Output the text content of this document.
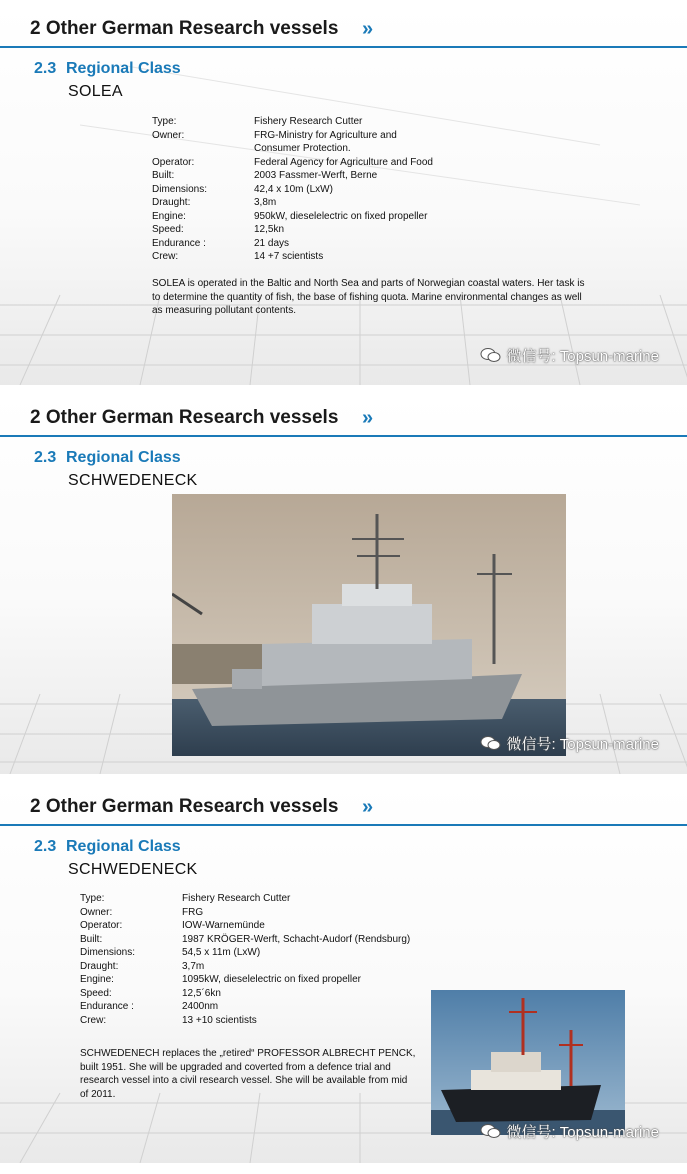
2 Other German Research vessels »
2.3 Regional Class
SOLEA
Type:	Fishery Research Cutter
Owner:	FRG-Ministry for Agriculture and
Consumer Protection.
Operator:	Federal Agency for Agriculture and Food
Built:	2003 Fassmer-Werft, Berne
Dimensions:	42,4 x 10m (LxW)
Draught:	3,8m
Engine:	950kW, dieselelectric on fixed propeller
Speed:	12,5kn
Endurance :	21 days
Crew:	14 +7 scientists
SOLEA is operated in the Baltic and North Sea and parts of Norwegian coastal waters. Her task is to determine the quantity of fish, the base of fishing quota. Marine environmental changes as well as measuring pollutant contents.
微信号: Topsun-marine
2 Other German Research vessels »
2.3 Regional Class
SCHWEDENECK
微信号: Topsun-marine
2 Other German Research vessels »
2.3 Regional Class
SCHWEDENECK
Type:	Fishery Research Cutter
Owner:	FRG
Operator:	IOW-Warnemünde
Built:	1987 KRÖGER-Werft, Schacht-Audorf (Rendsburg)
Dimensions:	54,5 x 11m (LxW)
Draught:	3,7m
Engine:	1095kW, dieselelectric on fixed propeller
Speed:	12,5´6kn
Endurance :	2400nm
Crew:	13 +10 scientists
SCHWEDENECH replaces the „retired“ PROFESSOR ALBRECHT PENCK, built 1951. She will be upgraded and coverted from a defence trial and research vessel into a civil research vessel. She will be available from mid of 2011.
微信号: Topsun-marine
